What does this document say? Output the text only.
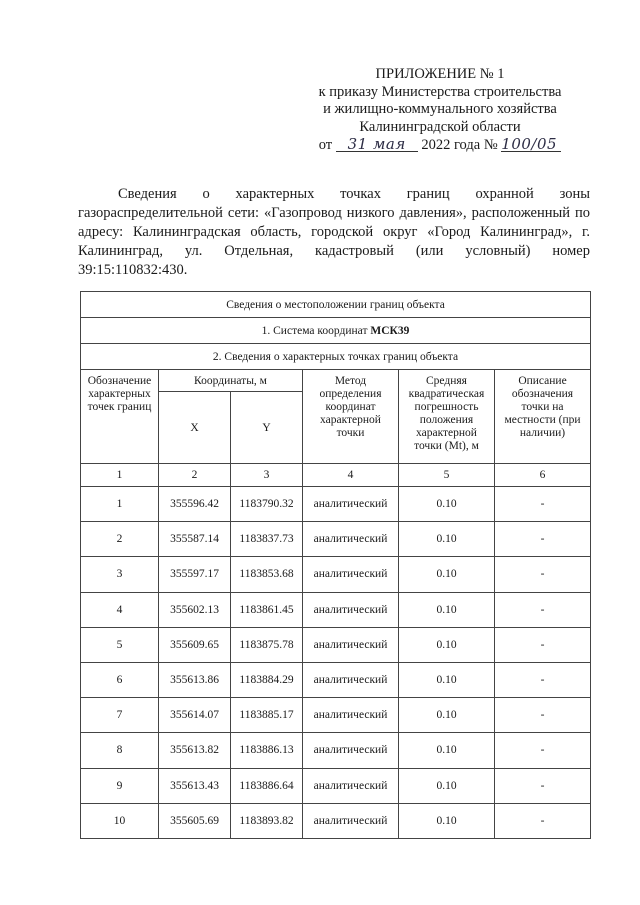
ПРИЛОЖЕНИЕ № 1
к приказу Министерства строительства
и жилищно-коммунального хозяйства
Калининградской области
от 31 мая 2022 года № 100/05
Сведения о характерных точках границ охранной зоны газораспределительной сети: «Газопровод низкого давления», расположенный по адресу: Калининградская область, городской округ «Город Калининград», г. Калининград, ул. Отдельная, кадастровый (или условный) номер 39:15:110832:430.
Сведения о местоположении границ объекта					
1. Система координат МСК39					
2. Сведения о характерных точках границ объекта					
Обозначение характерных точек границ	Координаты, м		Метод определения координат характерной точки	Средняя квадратическая погрешность положения характерной точки (Mt), м	Описание обозначения точки на местности (при наличии)
	X	Y			
1	2	3	4	5	6
1	355596.42	1183790.32	аналитический	0.10	-
2	355587.14	1183837.73	аналитический	0.10	-
3	355597.17	1183853.68	аналитический	0.10	-
4	355602.13	1183861.45	аналитический	0.10	-
5	355609.65	1183875.78	аналитический	0.10	-
6	355613.86	1183884.29	аналитический	0.10	-
7	355614.07	1183885.17	аналитический	0.10	-
8	355613.82	1183886.13	аналитический	0.10	-
9	355613.43	1183886.64	аналитический	0.10	-
10	355605.69	1183893.82	аналитический	0.10	-
